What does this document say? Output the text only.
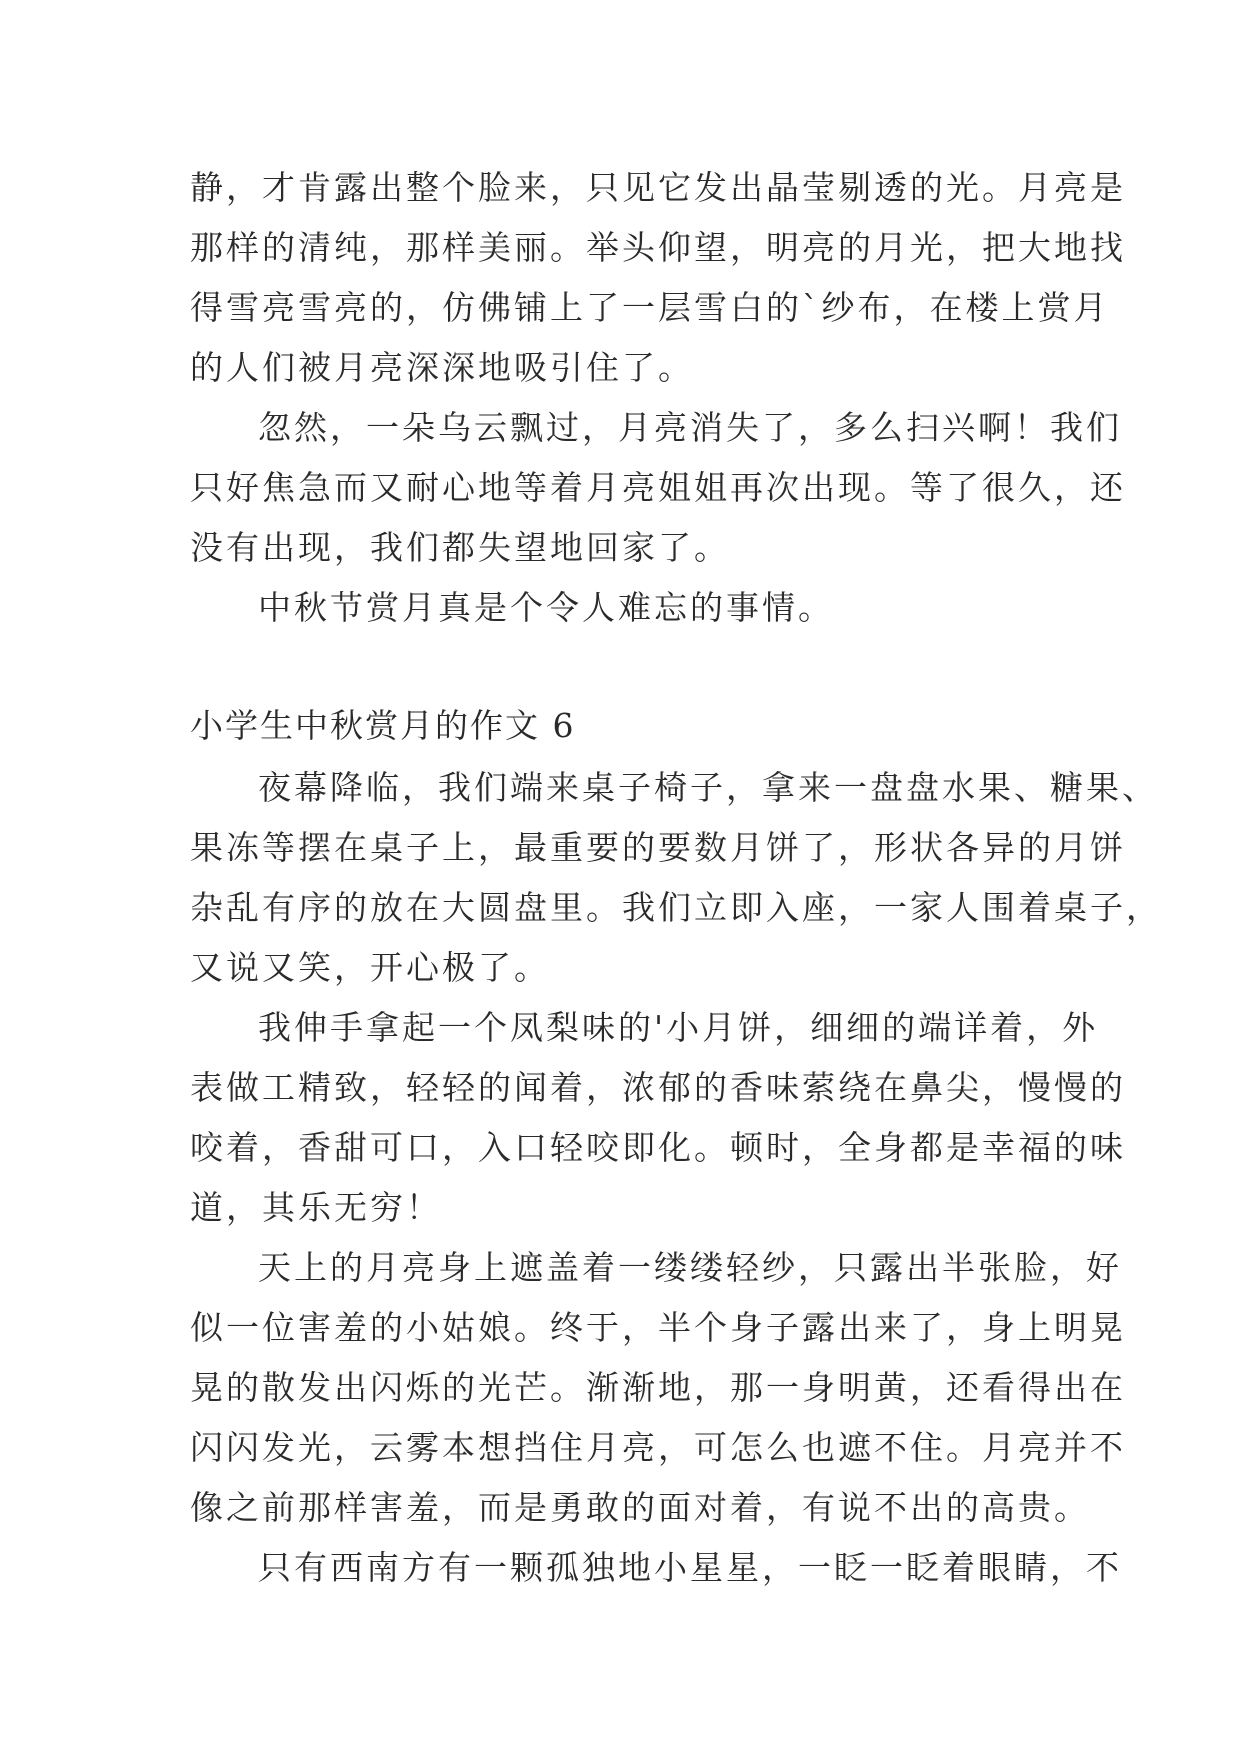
静，才肯露出整个脸来，只见它发出晶莹剔透的光。月亮是
那样的清纯，那样美丽。举头仰望，明亮的月光，把大地找
得雪亮雪亮的，仿佛铺上了一层雪白的`纱布，在楼上赏月
的人们被月亮深深地吸引住了。
忽然，一朵乌云飘过，月亮消失了，多么扫兴啊！我们
只好焦急而又耐心地等着月亮姐姐再次出现。等了很久，还
没有出现，我们都失望地回家了。
中秋节赏月真是个令人难忘的事情。
小学生中秋赏月的作文 6
夜幕降临，我们端来桌子椅子，拿来一盘盘水果、糖果、
果冻等摆在桌子上，最重要的要数月饼了，形状各异的月饼
杂乱有序的放在大圆盘里。我们立即入座，一家人围着桌子，
又说又笑，开心极了。
我伸手拿起一个凤梨味的'小月饼，细细的端详着，外
表做工精致，轻轻的闻着，浓郁的香味萦绕在鼻尖，慢慢的
咬着，香甜可口，入口轻咬即化。顿时，全身都是幸福的味
道，其乐无穷！
天上的月亮身上遮盖着一缕缕轻纱，只露出半张脸，好
似一位害羞的小姑娘。终于，半个身子露出来了，身上明晃
晃的散发出闪烁的光芒。渐渐地，那一身明黄，还看得出在
闪闪发光，云雾本想挡住月亮，可怎么也遮不住。月亮并不
像之前那样害羞，而是勇敢的面对着，有说不出的高贵。
只有西南方有一颗孤独地小星星，一眨一眨着眼睛，不
